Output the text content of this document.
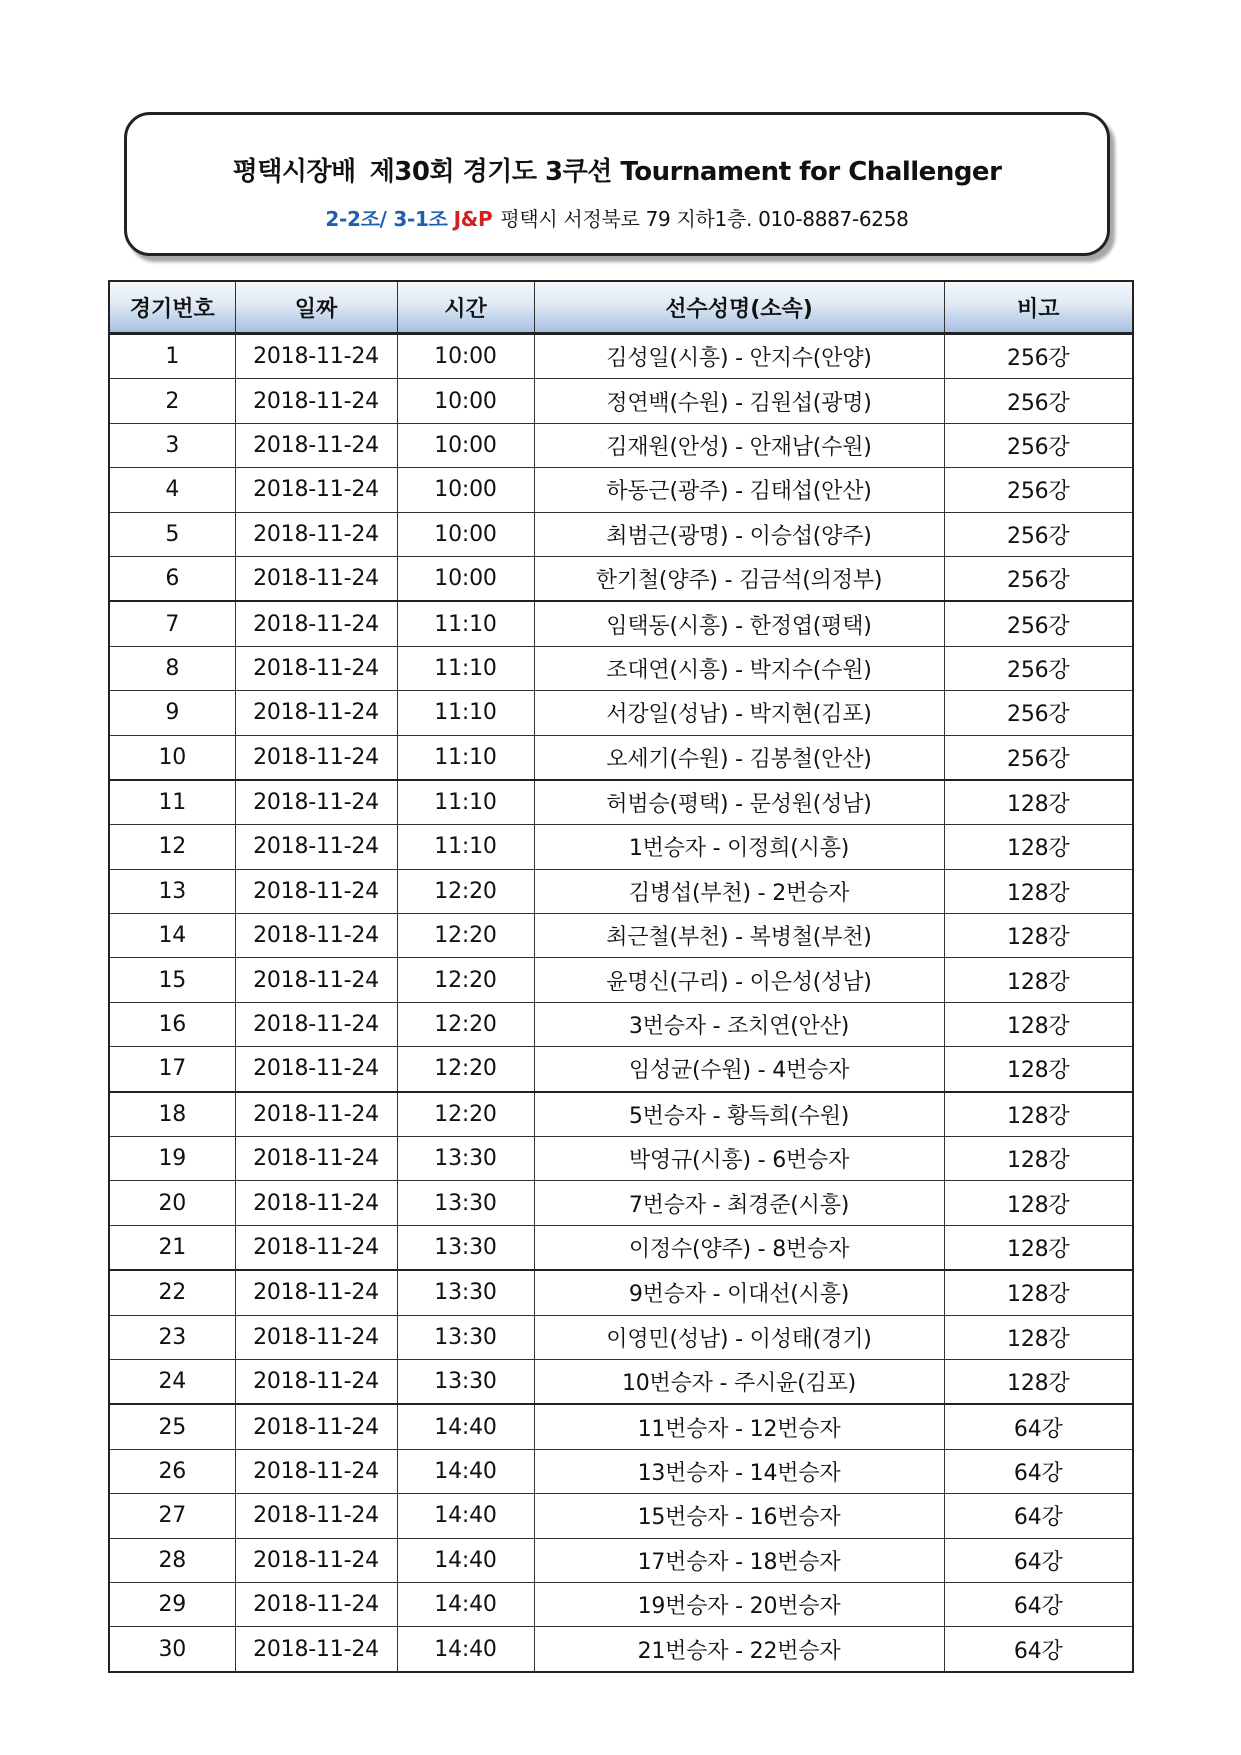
평택시장배 제30회 경기도 3쿠션 Tournament for Challenger
2-2조/ 3-1조 J&P 평택시 서정북로 79 지하1층. 010-8887-6258
경기번호	일짜	시간	선수성명(소속)	비고
1	2018-11-24	10:00	김성일(시흥) - 안지수(안양)	256강
2	2018-11-24	10:00	정연백(수원) - 김원섭(광명)	256강
3	2018-11-24	10:00	김재원(안성) - 안재남(수원)	256강
4	2018-11-24	10:00	하동근(광주) - 김태섭(안산)	256강
5	2018-11-24	10:00	최범근(광명) - 이승섭(양주)	256강
6	2018-11-24	10:00	한기철(양주) - 김금석(의정부)	256강
7	2018-11-24	11:10	임택동(시흥) - 한정엽(평택)	256강
8	2018-11-24	11:10	조대연(시흥) - 박지수(수원)	256강
9	2018-11-24	11:10	서강일(성남) - 박지현(김포)	256강
10	2018-11-24	11:10	오세기(수원) - 김봉철(안산)	256강
11	2018-11-24	11:10	허범승(평택) - 문성원(성남)	128강
12	2018-11-24	11:10	1번승자 - 이정희(시흥)	128강
13	2018-11-24	12:20	김병섭(부천) - 2번승자	128강
14	2018-11-24	12:20	최근철(부천) - 복병철(부천)	128강
15	2018-11-24	12:20	윤명신(구리) - 이은성(성남)	128강
16	2018-11-24	12:20	3번승자 - 조치연(안산)	128강
17	2018-11-24	12:20	임성균(수원) - 4번승자	128강
18	2018-11-24	12:20	5번승자 - 황득희(수원)	128강
19	2018-11-24	13:30	박영규(시흥) - 6번승자	128강
20	2018-11-24	13:30	7번승자 - 최경준(시흥)	128강
21	2018-11-24	13:30	이정수(양주) - 8번승자	128강
22	2018-11-24	13:30	9번승자 - 이대선(시흥)	128강
23	2018-11-24	13:30	이영민(성남) - 이성태(경기)	128강
24	2018-11-24	13:30	10번승자 - 주시윤(김포)	128강
25	2018-11-24	14:40	11번승자 - 12번승자	64강
26	2018-11-24	14:40	13번승자 - 14번승자	64강
27	2018-11-24	14:40	15번승자 - 16번승자	64강
28	2018-11-24	14:40	17번승자 - 18번승자	64강
29	2018-11-24	14:40	19번승자 - 20번승자	64강
30	2018-11-24	14:40	21번승자 - 22번승자	64강
